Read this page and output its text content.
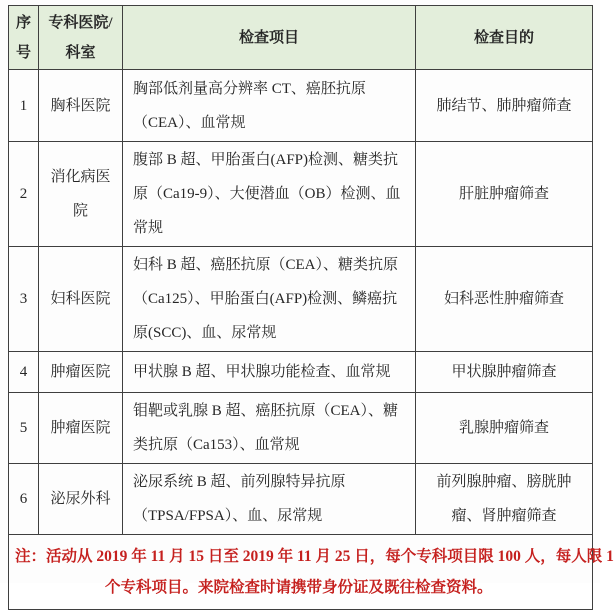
序号	专科医院/科室	检查项目	检查目的
1	胸科医院	胸部低剂量高分辨率 CT、癌胚抗原（CEA）、血常规	肺结节、肺肿瘤筛查
2	消化病医院	腹部 B 超、甲胎蛋白(AFP)检测、糖类抗原（Ca19-9）、大便潜血（OB）检测、血常规	肝脏肿瘤筛查
3	妇科医院	妇科 B 超、癌胚抗原（CEA）、糖类抗原（Ca125）、甲胎蛋白(AFP)检测、鳞癌抗原(SCC)、血、尿常规	妇科恶性肿瘤筛查
4	肿瘤医院	甲状腺 B 超、甲状腺功能检查、血常规	甲状腺肿瘤筛查
5	肿瘤医院	钼靶或乳腺 B 超、癌胚抗原（CEA）、糖类抗原（Ca153）、血常规	乳腺肿瘤筛查
6	泌尿外科	泌尿系统 B 超、前列腺特异抗原（TPSA/FPSA）、血、尿常规	前列腺肿瘤、膀胱肿瘤、肾肿瘤筛查

注：活动从 2019 年 11 月 15 日至 2019 年 11 月 25 日，每个专科项目限 100 人，每人限 1
个专科项目。来院检查时请携带身份证及既往检查资料。			
